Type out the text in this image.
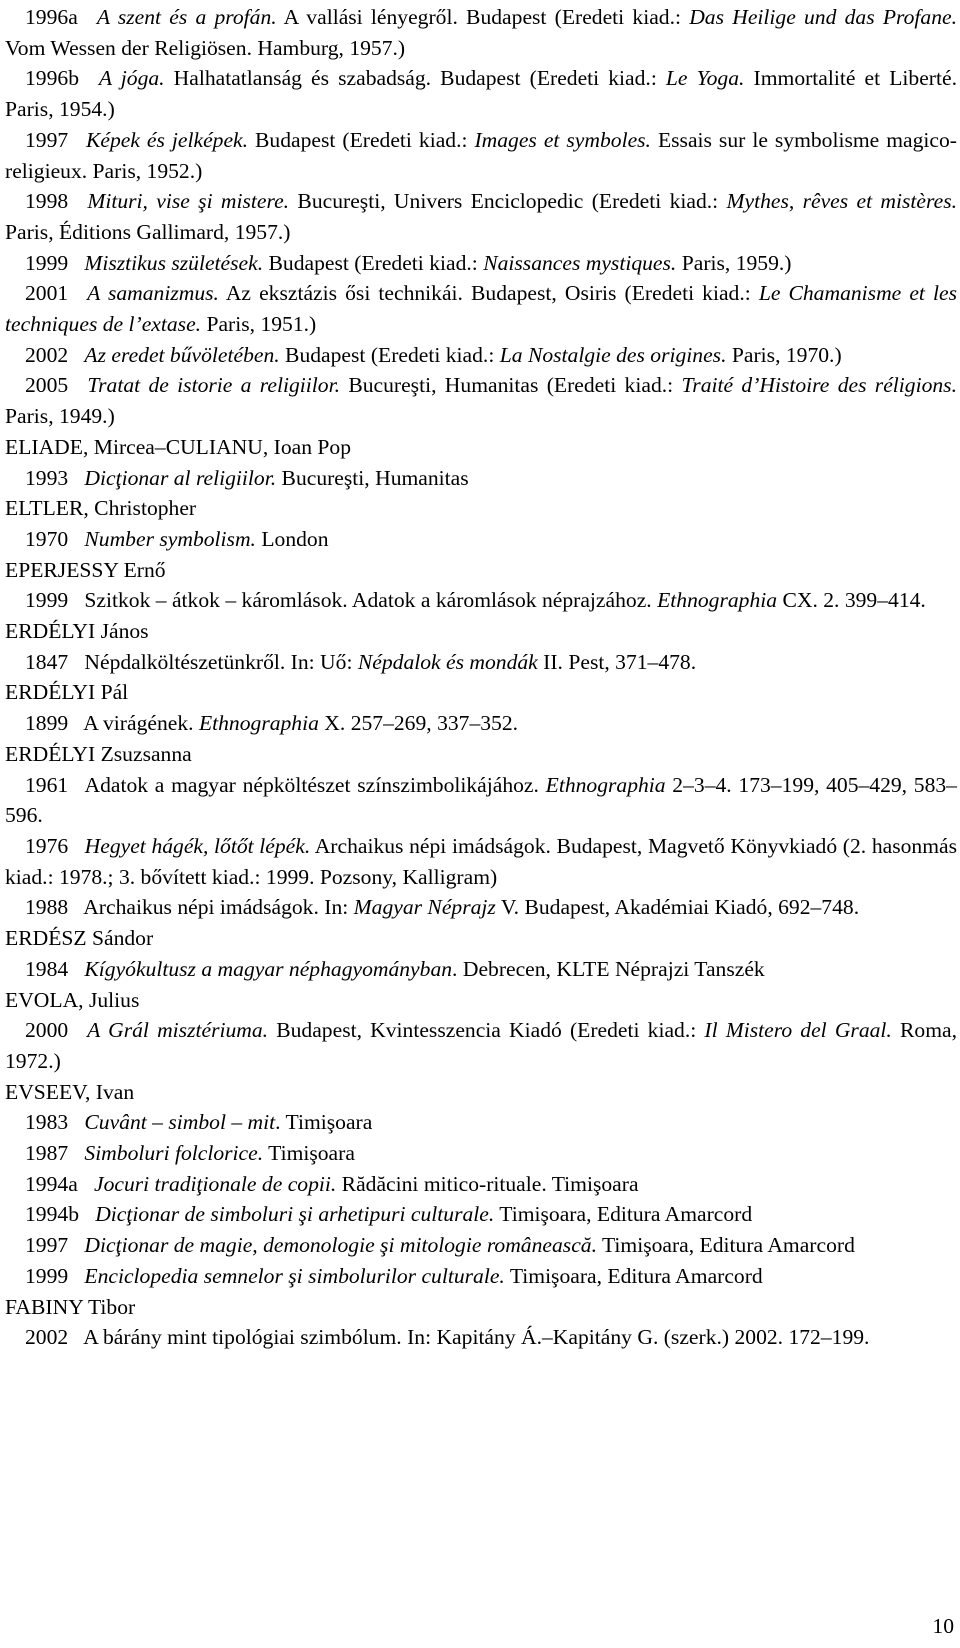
1996a  A szent és a profán. A vallási lényegről. Budapest (Eredeti kiad.: Das Heilige und das Profane. Vom Wessen der Religiösen. Hamburg, 1957.)

1996b  A jóga. Halhatatlanság és szabadság. Budapest (Eredeti kiad.: Le Yoga. Immortalité et Liberté. Paris, 1954.)

1997  Képek és jelképek. Budapest (Eredeti kiad.: Images et symboles. Essais sur le symbolisme magico-religieux. Paris, 1952.)

1998  Mituri, vise şi mistere. Bucureşti, Univers Enciclopedic (Eredeti kiad.: Mythes, rêves et mistères. Paris, Éditions Gallimard, 1957.)

1999  Misztikus születések. Budapest (Eredeti kiad.: Naissances mystiques. Paris, 1959.)

2001  A samanizmus. Az eksztázis ősi technikái. Budapest, Osiris (Eredeti kiad.: Le Chamanisme et les techniques de l’extase. Paris, 1951.)

2002  Az eredet bűvöletében. Budapest (Eredeti kiad.: La Nostalgie des origines. Paris, 1970.)

2005  Tratat de istorie a religiilor. Bucureşti, Humanitas (Eredeti kiad.: Traité d’Histoire des réligions. Paris, 1949.)

ELIADE, Mircea–CULIANU, Ioan Pop

1993  Dicţionar al religiilor. Bucureşti, Humanitas

ELTLER, Christopher

1970  Number symbolism. London

EPERJESSY Ernő

1999  Szitkok – átkok – káromlások. Adatok a káromlások néprajzához. Ethnographia CX. 2. 399–414.

ERDÉLYI János

1847  Népdalköltészetünkről. In: Uő: Népdalok és mondák II. Pest, 371–478.

ERDÉLYI Pál

1899  A virágének. Ethnographia X. 257–269, 337–352.

ERDÉLYI Zsuzsanna

1961  Adatok a magyar népköltészet színszimbolikájához. Ethnographia 2–3–4. 173–199, 405–429, 583–596.

1976  Hegyet hágék, lőtőt lépék. Archaikus népi imádságok. Budapest, Magvető Könyvkiadó (2. hasonmás kiad.: 1978.; 3. bővített kiad.: 1999. Pozsony, Kalligram)

1988  Archaikus népi imádságok. In: Magyar Néprajz V. Budapest, Akadémiai Kiadó, 692–748.

ERDÉSZ Sándor

1984  Kígyókultusz a magyar néphagyományban. Debrecen, KLTE Néprajzi Tanszék

EVOLA, Julius

2000  A Grál misztériuma. Budapest, Kvintesszencia Kiadó (Eredeti kiad.: Il Mistero del Graal. Roma, 1972.)

EVSEEV, Ivan

1983  Cuvânt – simbol – mit. Timişoara

1987  Simboluri folclorice. Timişoara

1994a  Jocuri tradiţionale de copii. Rădăcini mitico-rituale. Timişoara

1994b  Dicţionar de simboluri şi arhetipuri culturale. Timişoara, Editura Amarcord

1997  Dicţionar de magie, demonologie şi mitologie românească. Timişoara, Editura Amarcord

1999  Enciclopedia semnelor şi simbolurilor culturale. Timişoara, Editura Amarcord

FABINY Tibor

2002  A bárány mint tipológiai szimbólum. In: Kapitány Á.–Kapitány G. (szerk.) 2002. 172–199.

10
